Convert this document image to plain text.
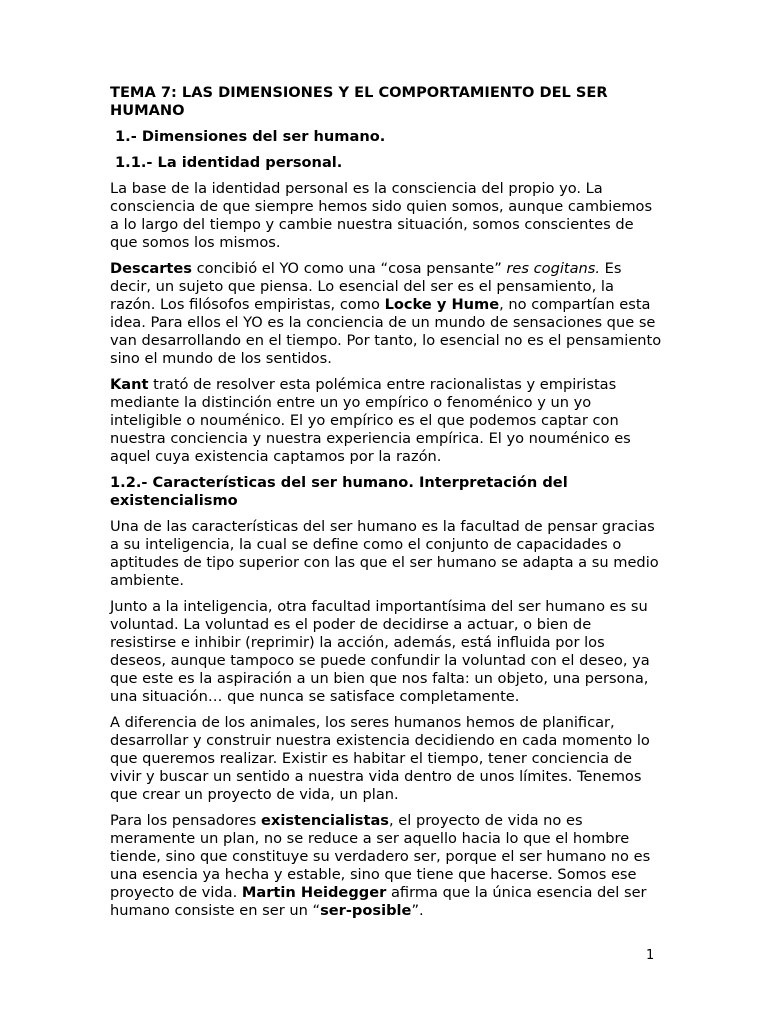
TEMA 7: LAS DIMENSIONES Y EL COMPORTAMIENTO DEL SER HUMANO
1.- Dimensiones del ser humano.
1.1.- La identidad personal.

La base de la identidad personal es la consciencia del propio yo. La consciencia de que siempre hemos sido quien somos, aunque cambiemos a lo largo del tiempo y cambie nuestra situación, somos conscientes de que somos los mismos.

Descartes concibió el YO como una “cosa pensante” res cogitans. Es decir, un sujeto que piensa. Lo esencial del ser es el pensamiento, la razón. Los filósofos empiristas, como Locke y Hume, no compartían esta idea. Para ellos el YO es la conciencia de un mundo de sensaciones que se van desarrollando en el tiempo. Por tanto, lo esencial no es el pensamiento sino el mundo de los sentidos.

Kant trató de resolver esta polémica entre racionalistas y empiristas mediante la distinción entre un yo empírico o fenoménico y un yo inteligible o nouménico. El yo empírico es el que podemos captar con nuestra conciencia y nuestra experiencia empírica. El yo nouménico es aquel cuya existencia captamos por la razón.

1.2.- Características del ser humano. Interpretación del existencialismo

Una de las características del ser humano es la facultad de pensar gracias a su inteligencia, la cual se define como el conjunto de capacidades o aptitudes de tipo superior con las que el ser humano se adapta a su medio ambiente.

Junto a la inteligencia, otra facultad importantísima del ser humano es su voluntad. La voluntad es el poder de decidirse a actuar, o bien de resistirse e inhibir (reprimir) la acción, además, está influida por los deseos, aunque tampoco se puede confundir la voluntad con el deseo, ya que este es la aspiración a un bien que nos falta: un objeto, una persona, una situación… que nunca se satisface completamente.

A diferencia de los animales, los seres humanos hemos de planificar, desarrollar y construir nuestra existencia decidiendo en cada momento lo que queremos realizar. Existir es habitar el tiempo, tener conciencia de vivir y buscar un sentido a nuestra vida dentro de unos límites. Tenemos que crear un proyecto de vida, un plan.

Para los pensadores existencialistas, el proyecto de vida no es meramente un plan, no se reduce a ser aquello hacia lo que el hombre tiende, sino que constituye su verdadero ser, porque el ser humano no es una esencia ya hecha y estable, sino que tiene que hacerse. Somos ese proyecto de vida. Martin Heidegger afirma que la única esencia del ser humano consiste en ser un “ser-posible”.

1
